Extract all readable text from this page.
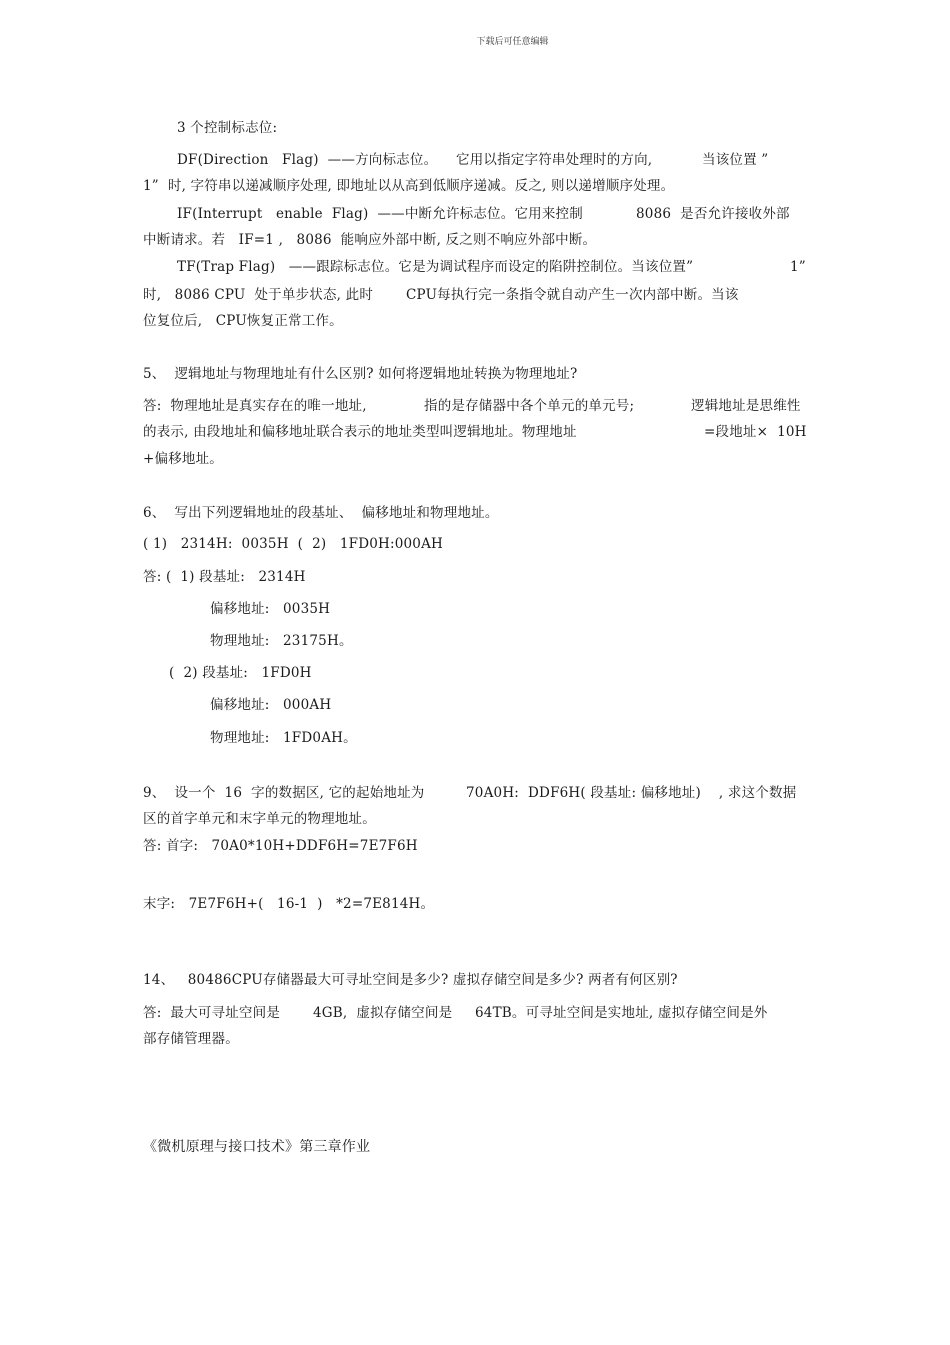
下载后可任意编辑
3 个控制标志位:
DF(Direction   Flag)  ——方向标志位。 它用以指定字符串处理时的方向,	当该位置 ”
1”  时, 字符串以递减顺序处理, 即地址以从高到低顺序递减。反之, 则以递增顺序处理。
IF(Interrupt   enable  Flag)  ——中断允许标志位。它用来控制	8086  是否允许接收外部
中断请求。若   IF=1 ,   8086  能响应外部中断, 反之则不响应外部中断。
TF(Trap Flag)   ——跟踪标志位。它是为调试程序而设定的陷阱控制位。当该位置”	1”
时,   8086 CPU  处于单步状态, 此时 CPU每执行完一条指令就自动产生一次内部中断。当该
位复位后,   CPU恢复正常工作。
5、  逻辑地址与物理地址有什么区别? 如何将逻辑地址转换为物理地址?
答:  物理地址是真实存在的唯一地址,	指的是存储器中各个单元的单元号;	逻辑地址是思维性
的表示, 由段地址和偏移地址联合表示的地址类型叫逻辑地址。物理地址	=段地址×  10H
+偏移地址。
6、  写出下列逻辑地址的段基址、  偏移地址和物理地址。
( 1)   2314H:  0035H  (  2)   1FD0H:000AH
答: (  1) 段基址:   2314H
偏移地址:   0035H
物理地址:   23175H。
(  2) 段基址:   1FD0H
偏移地址:   000AH
物理地址:   1FD0AH。
9、  设一个  16  字的数据区, 它的起始地址为	70A0H:  DDF6H( 段基址: 偏移地址)    , 求这个数据
区的首字单元和末字单元的物理地址。
答: 首字:   70A0*10H+DDF6H=7E7F6H
末字:   7E7F6H+(   16-1  )   *2=7E814H。
14、   80486CPU存储器最大可寻址空间是多少? 虚拟存储空间是多少? 两者有何区别?
答:  最大可寻址空间是 4GB,  虚拟存储空间是 64TB。可寻址空间是实地址, 虚拟存储空间是外
部存储管理器。
《微机原理与接口技术》第三章作业
